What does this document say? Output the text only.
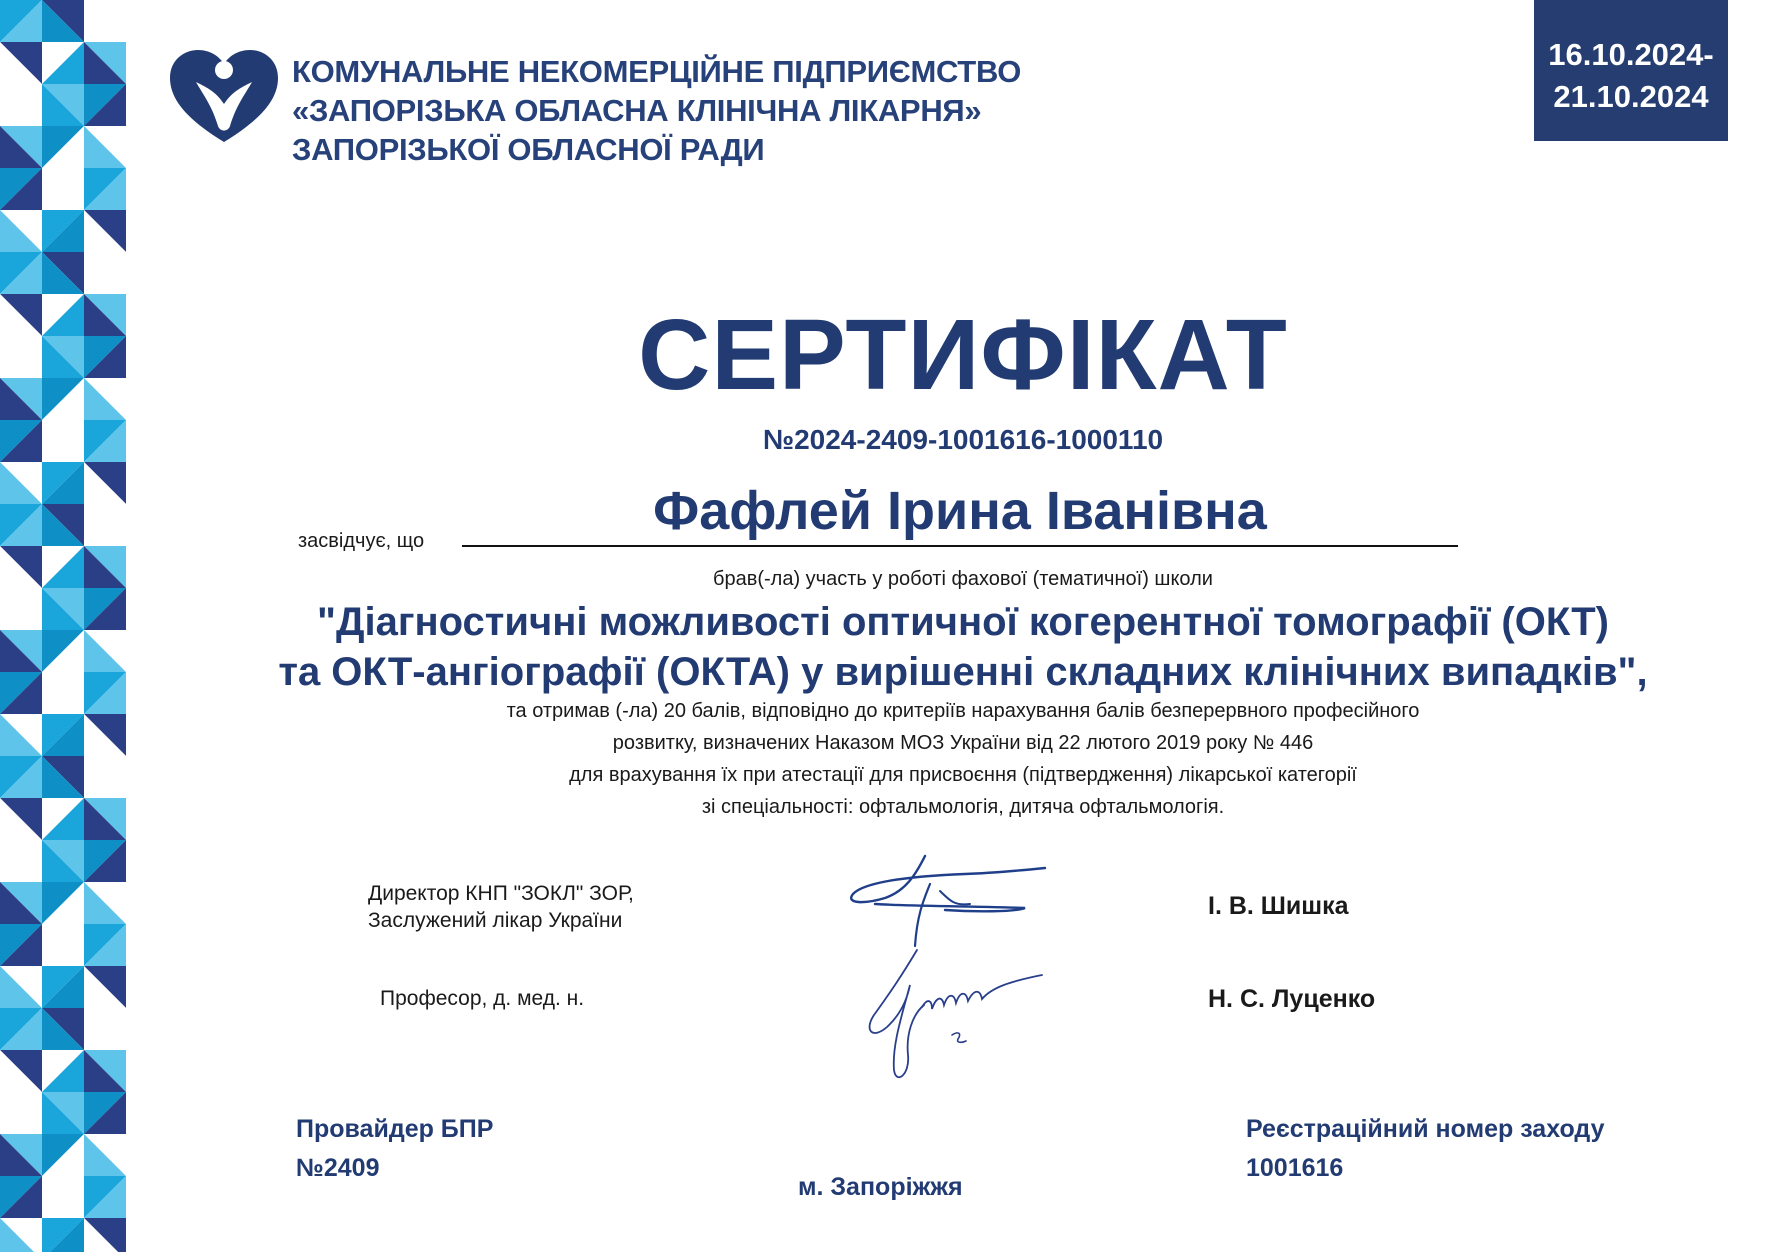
КОМУНАЛЬНЕ НЕКОМЕРЦІЙНЕ ПІДПРИЄМСТВО
«ЗАПОРІЗЬКА ОБЛАСНА КЛІНІЧНА ЛІКАРНЯ»
ЗАПОРІЗЬКОЇ ОБЛАСНОЇ РАДИ
16.10.2024-
21.10.2024
СЕРТИФІКАТ
№2024-2409-1001616-1000110
засвідчує, що	Фафлей Ірина Іванівна
брав(-ла) участь у роботі фахової (тематичної) школи
"Діагностичні можливості оптичної когерентної томографії (ОКТ)
та ОКТ-ангіографії (ОКТА) у вирішенні складних клінічних випадків",
та отримав (-ла) 20 балів, відповідно до критеріїв нарахування балів безперервного професійного
розвитку, визначених Наказом МОЗ України від 22 лютого 2019 року № 446
для врахування їх при атестації для присвоєння (підтвердження) лікарської категорії
зі спеціальності: офтальмологія, дитяча офтальмологія.
Директор КНП "ЗОКЛ" ЗОР,
Заслужений лікар України
І. В. Шишка
Професор, д. мед. н.	Н. С. Луценко
Провайдер БПР
№2409
м. Запоріжжя
Реєстраційний номер заходу
1001616
